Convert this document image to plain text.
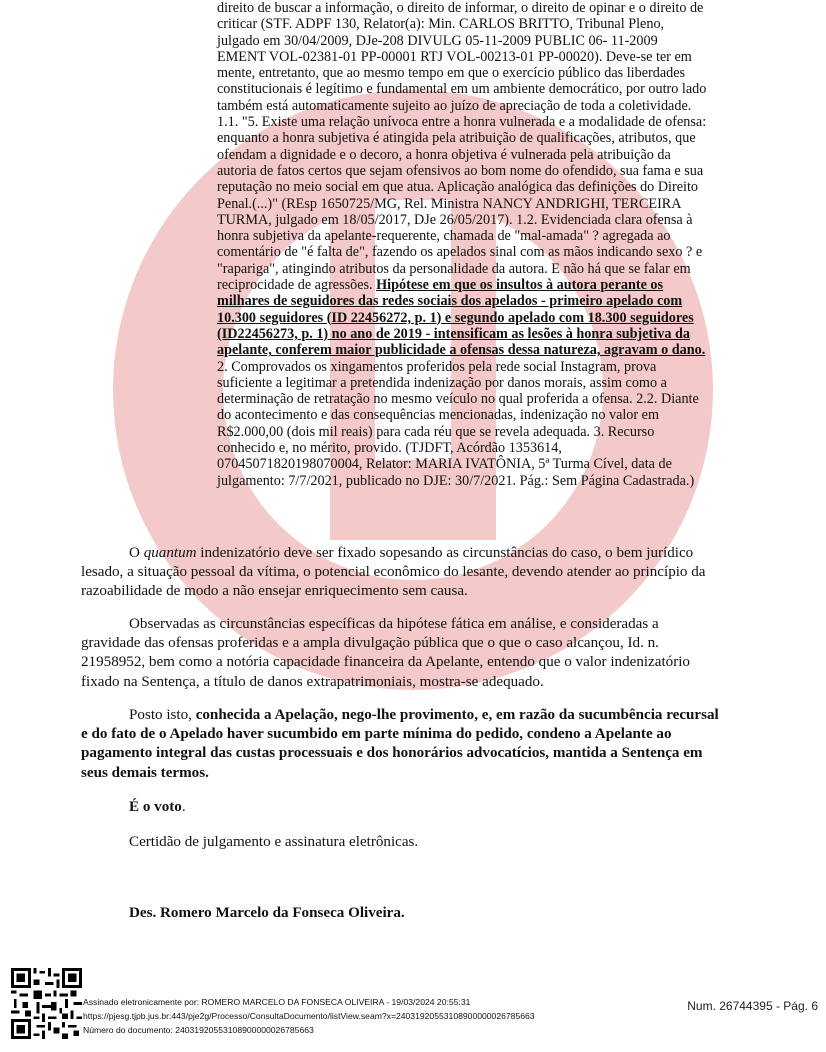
direito de buscar a informação, o direito de informar, o direito de opinar e o direito de criticar (STF. ADPF 130, Relator(a): Min. CARLOS BRITTO, Tribunal Pleno, julgado em 30/04/2009, DJe-208 DIVULG 05-11-2009 PUBLIC 06- 11-2009 EMENT VOL-02381-01 PP-00001 RTJ VOL-00213-01 PP-00020). Deve-se ter em mente, entretanto, que ao mesmo tempo em que o exercício público das liberdades constitucionais é legítimo e fundamental em um ambiente democrático, por outro lado também está automaticamente sujeito ao juízo de apreciação de toda a coletividade. 1.1. "5. Existe uma relação unívoca entre a honra vulnerada e a modalidade de ofensa: enquanto a honra subjetiva é atingida pela atribuição de qualificações, atributos, que ofendam a dignidade e o decoro, a honra objetiva é vulnerada pela atribuição da autoria de fatos certos que sejam ofensivos ao bom nome do ofendido, sua fama e sua reputação no meio social em que atua. Aplicação analógica das definições do Direito Penal.(...)" (REsp 1650725/MG, Rel. Ministra NANCY ANDRIGHI, TERCEIRA TURMA, julgado em 18/05/2017, DJe 26/05/2017). 1.2. Evidenciada clara ofensa à honra subjetiva da apelante-requerente, chamada de "mal-amada" ? agregada ao comentário de "é falta de", fazendo os apelados sinal com as mãos indicando sexo ? e "rapariga", atingindo atributos da personalidade da autora. E não há que se falar em reciprocidade de agressões. Hipótese em que os insultos à autora perante os milhares de seguidores das redes sociais dos apelados - primeiro apelado com 10.300 seguidores (ID 22456272, p. 1) e segundo apelado com 18.300 seguidores (ID22456273, p. 1) no ano de 2019 - intensificam as lesões à honra subjetiva da apelante, conferem maior publicidade a ofensas dessa natureza, agravam o dano. 2. Comprovados os xingamentos proferidos pela rede social Instagram, prova suficiente a legitimar a pretendida indenização por danos morais, assim como a determinação de retratação no mesmo veículo no qual proferida a ofensa. 2.2. Diante do acontecimento e das consequências mencionadas, indenização no valor em R$2.000,00 (dois mil reais) para cada réu que se revela adequada. 3. Recurso conhecido e, no mérito, provido. (TJDFT, Acórdão 1353614, 07045071820198070004, Relator: MARIA IVATÔNIA, 5ª Turma Cível, data de julgamento: 7/7/2021, publicado no DJE: 30/7/2021. Pág.: Sem Página Cadastrada.)
O quantum indenizatório deve ser fixado sopesando as circunstâncias do caso, o bem jurídico lesado, a situação pessoal da vítima, o potencial econômico do lesante, devendo atender ao princípio da razoabilidade de modo a não ensejar enriquecimento sem causa.
Observadas as circunstâncias específicas da hipótese fática em análise, e consideradas a gravidade das ofensas proferidas e a ampla divulgação pública que o que o caso alcançou, Id. n. 21958952, bem como a notória capacidade financeira da Apelante, entendo que o valor indenizatório fixado na Sentença, a título de danos extrapatrimoniais, mostra-se adequado.
Posto isto, conhecida a Apelação, nego-lhe provimento, e, em razão da sucumbência recursal e do fato de o Apelado haver sucumbido em parte mínima do pedido, condeno a Apelante ao pagamento integral das custas processuais e dos honorários advocatícios, mantida a Sentença em seus demais termos.
É o voto.
Certidão de julgamento e assinatura eletrônicas.
Des. Romero Marcelo da Fonseca Oliveira.
Assinado eletronicamente por: ROMERO MARCELO DA FONSECA OLIVEIRA - 19/03/2024 20:55:31
https://pjesg.tjpb.jus.br:443/pje2g/Processo/ConsultaDocumento/listView.seam?x=24031920553108900000026785663
Número do documento: 24031920553108900000026785663
Num. 26744395 - Pág. 6
